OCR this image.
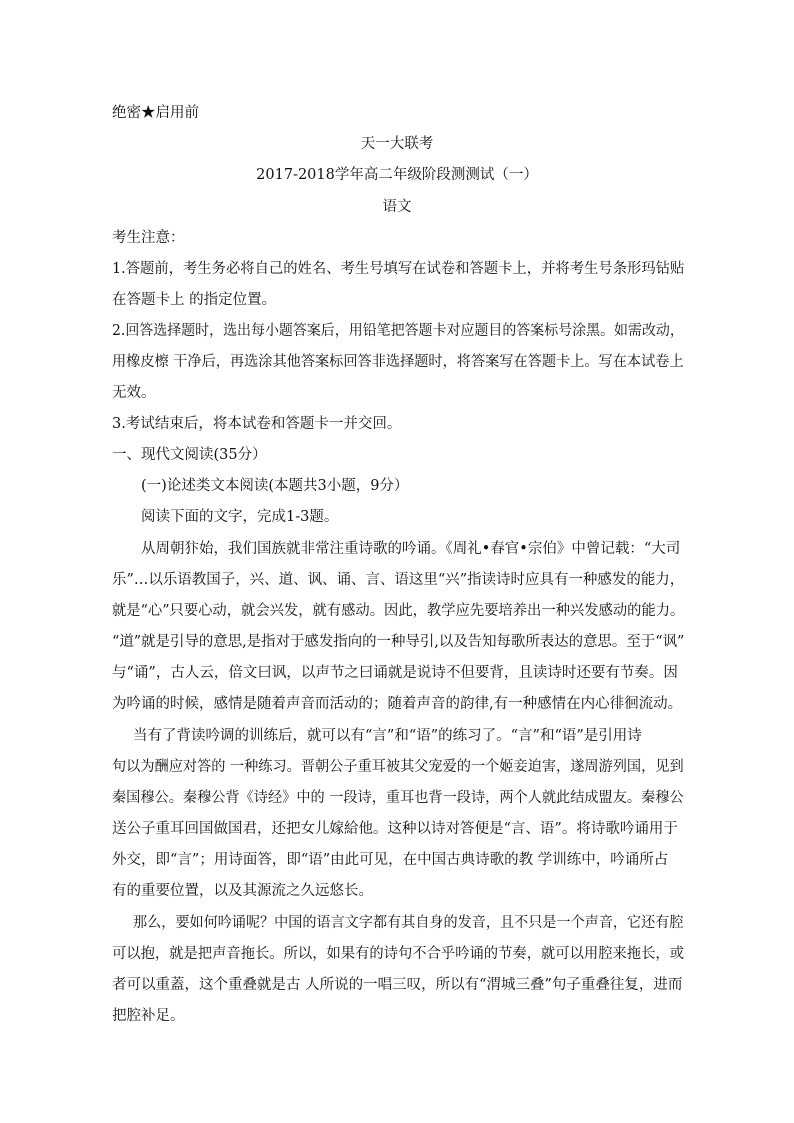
绝密★启用前
天一大联考
2017-2018学年高二年级阶段测测试（一）
语文
考生注意：
1.答题前，考生务必将自己的姓名、考生号填写在试卷和答题卡上，并将考生号条形玛钻贴
在答题卡上 的指定位置。
2.回答选择题时，选出每小题答案后，用铅笔把答题卡对应题目的答案标号涂黑。如需改动，
用橡皮檫 干净后，再选涂其他答案标回答非选择题时，将答案写在答题卡上。写在本试卷上
无效。
3.考试结束后，将本试卷和答题卡一并交回。
一、现代文阅读(35分）
(一)论述类文本阅读(本题共3小题，9分）
阅读下面的文字，完成1-3题。
从周朝犿始，我们国族就非常注重诗歌的吟诵。《周礼•春官•宗伯》中曾记载：“大司
乐”…以乐语教国子，兴、道、讽、诵、言、语这里“兴”指读诗时应具有一种感发的能力，
就是“心”只要心动，就会兴发，就有感动。因此，教学应先要培养出一种兴发感动的能力。
“道”就是引导的意思,是指对于感发指向的一种导引,以及告知每歌所表达的意思。至于“讽”
与“诵”，古人云，倍文曰讽，以声节之曰诵就是说诗不但要背，且读诗时还要有节奏。因
为吟诵的时候，感情是随着声音而活动的；随着声音的韵律,有一种感情在内心徘徊流动。
当有了背读吟调的训练后，就可以有“言”和“语”的练习了。“言”和“语”是引用诗
句以为酬应对答的 一种练习。晋朝公子重耳被其父宠爱的一个姬妾迫害，遂周游列国，见到
秦国穆公。秦穆公背《诗经》中的 一段诗，重耳也背一段诗，两个人就此结成盟友。秦穆公
送公子重耳回国做国君，还把女儿嫁給他。这种以诗对答便是“言、语”。将诗歌吟诵用于
外交，即“言”；用诗面答，即“语”由此可见，在中国古典诗歌的教 学训练中，吟诵所占
有的重要位置，以及其源流之久远悠长。
那么，要如何吟诵呢？中国的语言文字都有其自身的发音，且不只是一个声音，它还有腔
可以抱，就是把声音拖长。所以，如果有的诗句不合乎吟诵的节奏，就可以用腔来拖长，或
者可以重蓋，这个重叠就是古 人所说的一唱三叹，所以有“渭城三叠”句子重叠往复，进而
把腔补足。
